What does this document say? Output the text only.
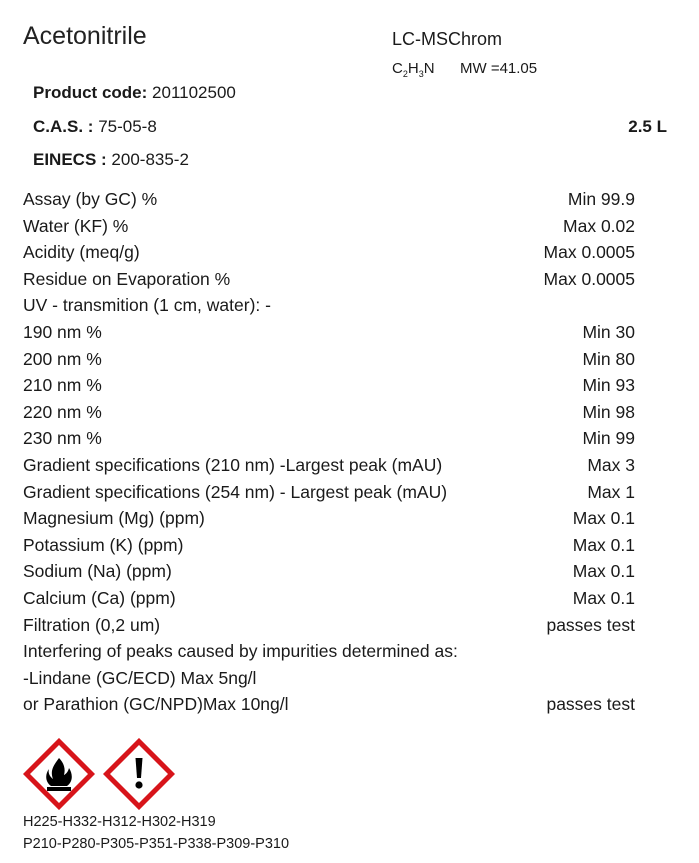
Acetonitrile	LC-MSChrom
$C_2H_3N$ MW =41.05
Product code: 201102500
C.A.S. : 75-05-8
EINECS : 200-835-2
2.5 L
Assay (by GC) %	Min 99.9
Water (KF) %	Max 0.02
Acidity (meq/g)	Max 0.0005
Residue on Evaporation %	Max 0.0005
UV - transmition (1 cm, water): -
190 nm %	Min 30
200 nm %	Min 80
210 nm %	Min 93
220 nm %	Min 98
230 nm %	Min 99
Gradient specifications (210 nm) -Largest peak (mAU)	Max 3
Gradient specifications (254 nm) - Largest peak (mAU)	Max 1
Magnesium (Mg) (ppm)	Max 0.1
Potassium (K) (ppm)	Max 0.1
Sodium (Na) (ppm)	Max 0.1
Calcium (Ca) (ppm)	Max 0.1
Filtration (0,2 um)	passes test
Interfering of peaks caused by impurities determined as:
-Lindane (GC/ECD) Max 5ng/l
or Parathion (GC/NPD)Max 10ng/l	passes test
H225-H332-H312-H302-H319
P210-P280-P305-P351-P338-P309-P310
